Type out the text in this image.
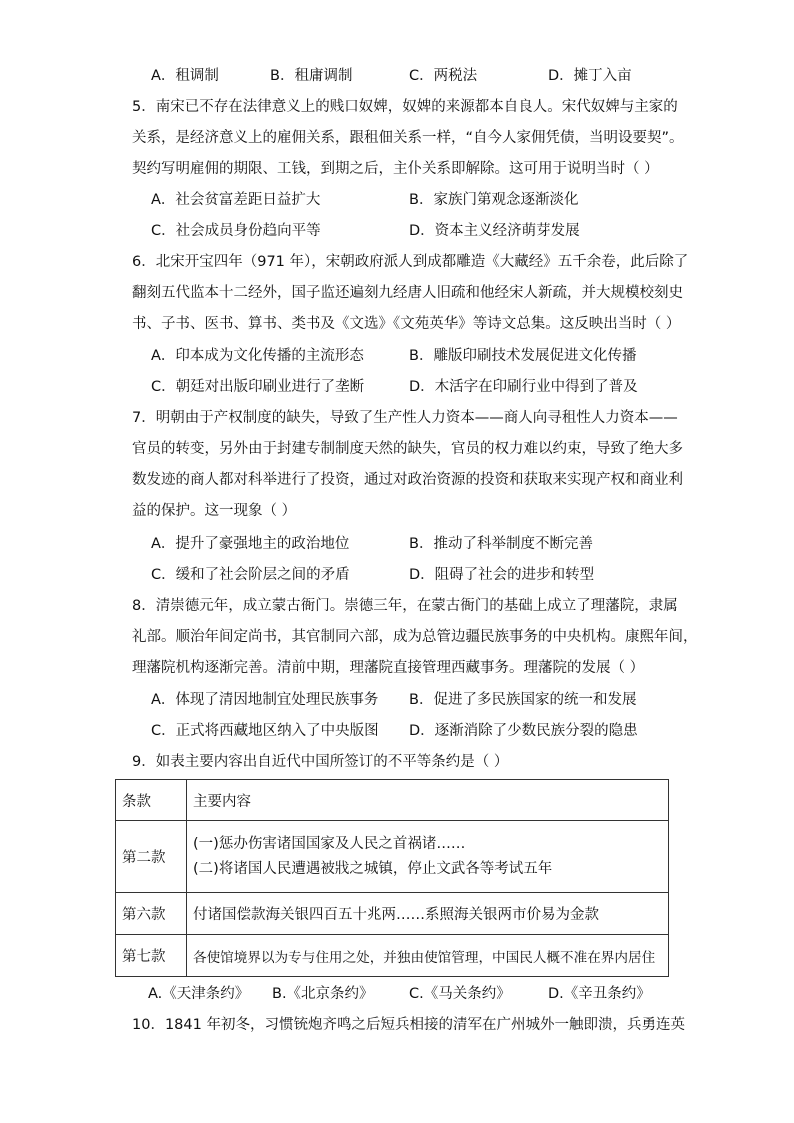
A．租调制	B．租庸调制	C．两税法	D．摊丁入亩
5．南宋已不存在法律意义上的贱口奴婢，奴婢的来源都本自良人。宋代奴婢与主家的
关系，是经济意义上的雇佣关系，跟租佃关系一样，“自今人家佣凭债，当明设要契”。
契约写明雇佣的期限、工钱，到期之后，主仆关系即解除。这可用于说明当时（ ）
A．社会贫富差距日益扩大	B．家族门第观念逐渐淡化
C．社会成员身份趋向平等	D．资本主义经济萌芽发展
6．北宋开宝四年（971 年），宋朝政府派人到成都雕造《大藏经》五千余卷，此后除了
翻刻五代监本十二经外，国子监还遍刻九经唐人旧疏和他经宋人新疏，并大规模校刻史
书、子书、医书、算书、类书及《文选》《文苑英华》等诗文总集。这反映出当时（ ）
A．印本成为文化传播的主流形态	B．雕版印刷技术发展促进文化传播
C．朝廷对出版印刷业进行了垄断	D．木活字在印刷行业中得到了普及
7．明朝由于产权制度的缺失，导致了生产性人力资本——商人向寻租性人力资本——
官员的转变，另外由于封建专制制度天然的缺失，官员的权力难以约束，导致了绝大多
数发迹的商人都对科举进行了投资，通过对政治资源的投资和获取来实现产权和商业利
益的保护。这一现象（ ）
A．提升了豪强地主的政治地位	B．推动了科举制度不断完善
C．缓和了社会阶层之间的矛盾	D．阻碍了社会的进步和转型
8．清崇德元年，成立蒙古衙门。崇德三年，在蒙古衙门的基础上成立了理藩院，隶属
礼部。顺治年间定尚书，其官制同六部，成为总管边疆民族事务的中央机构。康熙年间，
理藩院机构逐渐完善。清前中期，理藩院直接管理西藏事务。理藩院的发展（ ）
A．体现了清因地制宜处理民族事务 B．促进了多民族国家的统一和发展
C．正式将西藏地区纳入了中央版图 D．逐渐消除了少数民族分裂的隐患
9．如表主要内容出自近代中国所签订的不平等条约是（ ）
条款	主要内容
第二款	(一)惩办伤害诸国国家及人民之首祸诸……
(二)将诸国人民遭遇被戕之城镇，停止文武各等考试五年

第六款	付诸国偿款海关银四百五十兆两……系照海关银两市价易为金款
第七款	各使馆境界以为专与住用之处，并独由使馆管理，中国民人概不准在界内居住
A.《天津条约》 B.《北京条约》 C.《马关条约》	D.《辛丑条约》
10．1841 年初冬，习惯铳炮齐鸣之后短兵相接的清军在广州城外一触即溃，兵勇连英
